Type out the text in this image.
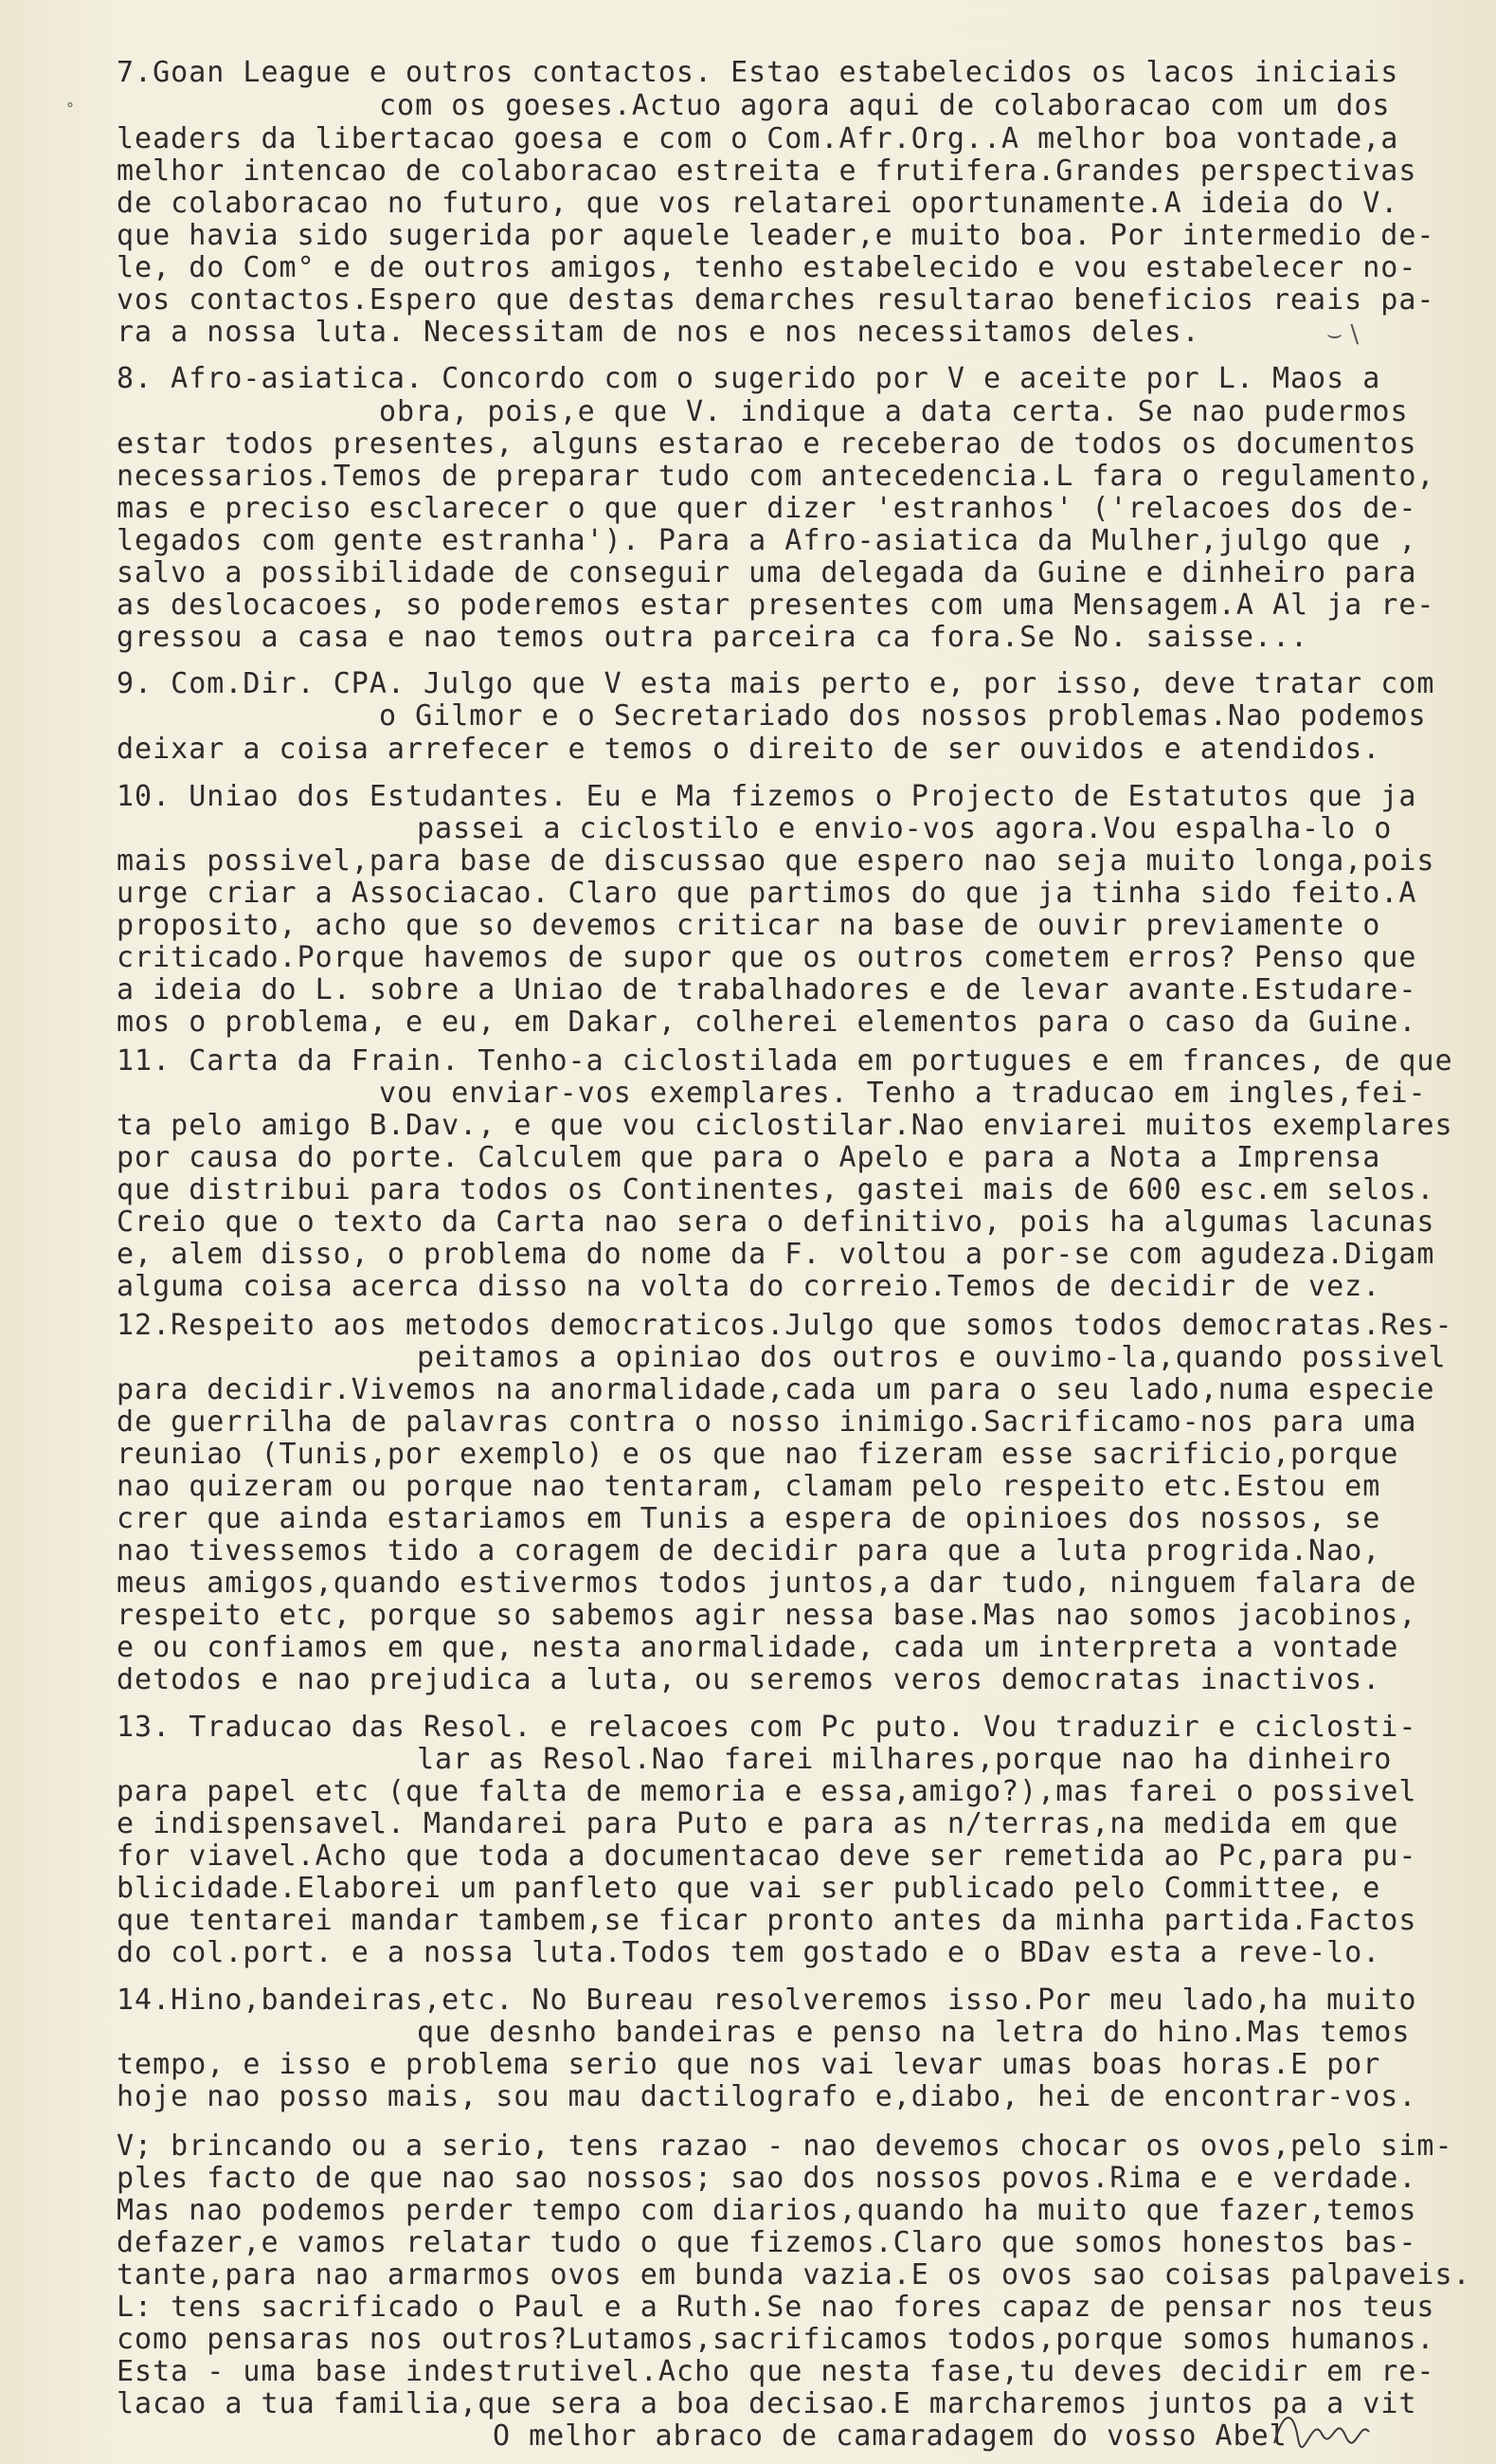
7.Goan League e outros contactos. Estao estabelecidos os lacos iniciais
com os goeses.Actuo agora aqui de colaboracao com um dos
leaders da libertacao goesa e com o Com.Afr.Org..A melhor boa vontade,a
melhor intencao de colaboracao estreita e frutifera.Grandes perspectivas
de colaboracao no futuro, que vos relatarei oportunamente.A ideia do V.
que havia sido sugerida por aquele leader,e muito boa. Por intermedio de-
le, do Com° e de outros amigos, tenho estabelecido e vou estabelecer no-
vos contactos.Espero que destas demarches resultarao beneficios reais pa-
ra a nossa luta. Necessitam de nos e nos necessitamos deles.
8. Afro-asiatica. Concordo com o sugerido por V e aceite por L. Maos a
obra, pois,e que V. indique a data certa. Se nao pudermos
estar todos presentes, alguns estarao e receberao de todos os documentos
necessarios.Temos de preparar tudo com antecedencia.L fara o regulamento,
mas e preciso esclarecer o que quer dizer 'estranhos' ('relacoes dos de-
legados com gente estranha'). Para a Afro-asiatica da Mulher,julgo que ,
salvo a possibilidade de conseguir uma delegada da Guine e dinheiro para
as deslocacoes, so poderemos estar presentes com uma Mensagem.A Al ja re-
gressou a casa e nao temos outra parceira ca fora.Se No. saisse...
9. Com.Dir. CPA. Julgo que V esta mais perto e, por isso, deve tratar com
o Gilmor e o Secretariado dos nossos problemas.Nao podemos
deixar a coisa arrefecer e temos o direito de ser ouvidos e atendidos.
10. Uniao dos Estudantes. Eu e Ma fizemos o Projecto de Estatutos que ja
passei a ciclostilo e envio-vos agora.Vou espalha-lo o
mais possivel,para base de discussao que espero nao seja muito longa,pois
urge criar a Associacao. Claro que partimos do que ja tinha sido feito.A
proposito, acho que so devemos criticar na base de ouvir previamente o
criticado.Porque havemos de supor que os outros cometem erros? Penso que
a ideia do L. sobre a Uniao de trabalhadores e de levar avante.Estudare-
mos o problema, e eu, em Dakar, colherei elementos para o caso da Guine.
11. Carta da Frain. Tenho-a ciclostilada em portugues e em frances, de que
vou enviar-vos exemplares. Tenho a traducao em ingles,fei-
ta pelo amigo B.Dav., e que vou ciclostilar.Nao enviarei muitos exemplares
por causa do porte. Calculem que para o Apelo e para a Nota a Imprensa
que distribui para todos os Continentes, gastei mais de 600 esc.em selos.
Creio que o texto da Carta nao sera o definitivo, pois ha algumas lacunas
e, alem disso, o problema do nome da F. voltou a por-se com agudeza.Digam
alguma coisa acerca disso na volta do correio.Temos de decidir de vez.
12.Respeito aos metodos democraticos.Julgo que somos todos democratas.Res-
peitamos a opiniao dos outros e ouvimo-la,quando possivel
para decidir.Vivemos na anormalidade,cada um para o seu lado,numa especie
de guerrilha de palavras contra o nosso inimigo.Sacrificamo-nos para uma
reuniao (Tunis,por exemplo) e os que nao fizeram esse sacrificio,porque
nao quizeram ou porque nao tentaram, clamam pelo respeito etc.Estou em
crer que ainda estariamos em Tunis a espera de opinioes dos nossos, se
nao tivessemos tido a coragem de decidir para que a luta progrida.Nao,
meus amigos,quando estivermos todos juntos,a dar tudo, ninguem falara de
respeito etc, porque so sabemos agir nessa base.Mas nao somos jacobinos,
e ou confiamos em que, nesta anormalidade, cada um interpreta a vontade
detodos e nao prejudica a luta, ou seremos veros democratas inactivos.
13. Traducao das Resol. e relacoes com Pc puto. Vou traduzir e ciclosti-
lar as Resol.Nao farei milhares,porque nao ha dinheiro
para papel etc (que falta de memoria e essa,amigo?),mas farei o possivel
e indispensavel. Mandarei para Puto e para as n/terras,na medida em que
for viavel.Acho que toda a documentacao deve ser remetida ao Pc,para pu-
blicidade.Elaborei um panfleto que vai ser publicado pelo Committee, e
que tentarei mandar tambem,se ficar pronto antes da minha partida.Factos
do col.port. e a nossa luta.Todos tem gostado e o BDav esta a reve-lo.
14.Hino,bandeiras,etc. No Bureau resolveremos isso.Por meu lado,ha muito
que desnho bandeiras e penso na letra do hino.Mas temos
tempo, e isso e problema serio que nos vai levar umas boas horas.E por
hoje nao posso mais, sou mau dactilografo e,diabo, hei de encontrar-vos.
V; brincando ou a serio, tens razao - nao devemos chocar os ovos,pelo sim-
ples facto de que nao sao nossos; sao dos nossos povos.Rima e e verdade.
Mas nao podemos perder tempo com diarios,quando ha muito que fazer,temos
defazer,e vamos relatar tudo o que fizemos.Claro que somos honestos bas-
tante,para nao armarmos ovos em bunda vazia.E os ovos sao coisas palpaveis.
L: tens sacrificado o Paul e a Ruth.Se nao fores capaz de pensar nos teus
como pensaras nos outros?Lutamos,sacrificamos todos,porque somos humanos.
Esta - uma base indestrutivel.Acho que nesta fase,tu deves decidir em re-
lacao a tua familia,que sera a boa decisao.E marcharemos juntos pa a vit
O melhor abraco de camaradagem do vosso Abel
°
⌣ \
